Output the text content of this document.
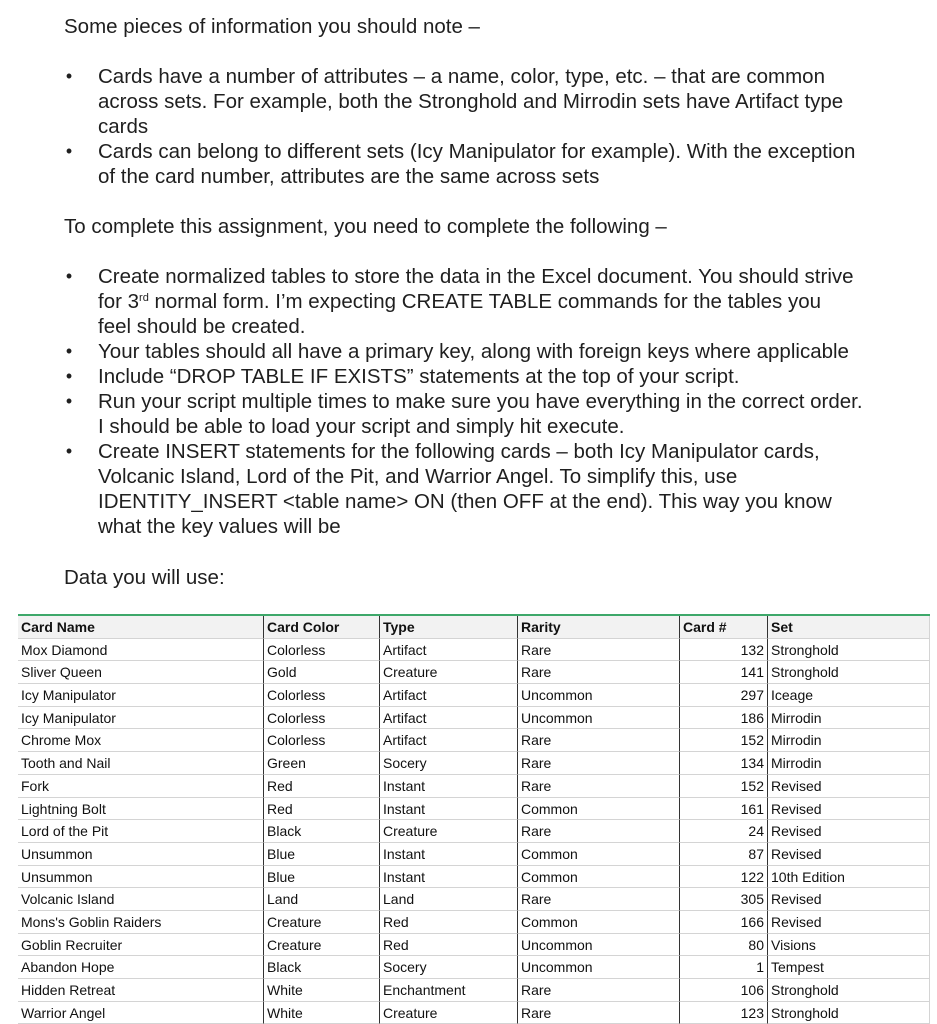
Some pieces of information you should note –

• Cards have a number of attributes – a name, color, type, etc. – that are common
across sets. For example, both the Stronghold and Mirrodin sets have Artifact type
cards
• Cards can belong to different sets (Icy Manipulator for example). With the exception
of the card number, attributes are the same across sets

To complete this assignment, you need to complete the following –

• Create normalized tables to store the data in the Excel document. You should strive
for 3rd normal form. I’m expecting CREATE TABLE commands for the tables you
feel should be created.
• Your tables should all have a primary key, along with foreign keys where applicable
• Include “DROP TABLE IF EXISTS” statements at the top of your script.
• Run your script multiple times to make sure you have everything in the correct order.
I should be able to load your script and simply hit execute.
• Create INSERT statements for the following cards – both Icy Manipulator cards,
Volcanic Island, Lord of the Pit, and Warrior Angel. To simplify this, use
IDENTITY_INSERT <table name> ON (then OFF at the end). This way you know
what the key values will be

Data you will use:

Card Name	Card Color	Type	Rarity	Card #	Set
Mox Diamond	Colorless	Artifact	Rare	132 Stronghold
Sliver Queen	Gold	Creature	Rare	141 Stronghold
Icy Manipulator	Colorless	Artifact	Uncommon	297 Iceage
Icy Manipulator	Colorless	Artifact	Uncommon	186 Mirrodin
Chrome Mox	Colorless	Artifact	Rare	152 Mirrodin
Tooth and Nail	Green	Socery	Rare	134 Mirrodin
Fork	Red	Instant	Rare	152 Revised
Lightning Bolt	Red	Instant	Common	161 Revised
Lord of the Pit	Black	Creature	Rare	24 Revised
Unsummon	Blue	Instant	Common	87 Revised
Unsummon	Blue	Instant	Common	122 10th Edition
Volcanic Island	Land	Land	Rare	305 Revised
Mons's Goblin Raiders	Creature	Red	Common	166 Revised
Goblin Recruiter	Creature	Red	Uncommon	80 Visions
Abandon Hope	Black	Socery	Uncommon	1 Tempest
Hidden Retreat	White	Enchantment	Rare	106 Stronghold
Warrior Angel	White	Creature	Rare	123 Stronghold
